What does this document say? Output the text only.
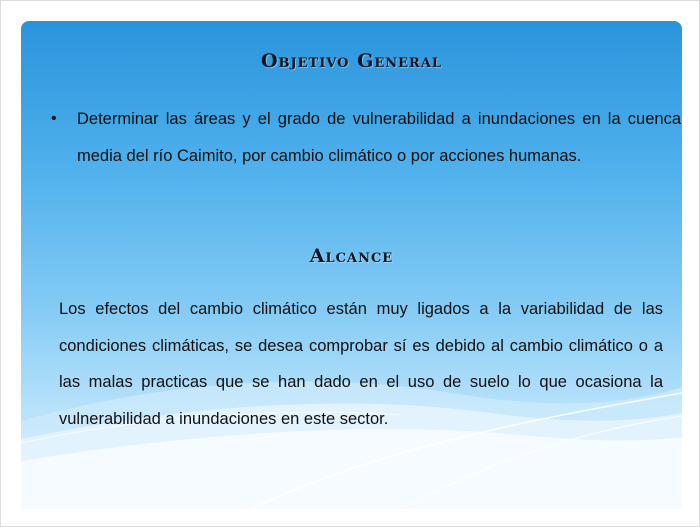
Objetivo General
• Determinar las áreas y el grado de vulnerabilidad a inundaciones en la cuenca media del río Caimito, por cambio climático o por acciones humanas.
Alcance
Los efectos del cambio climático están muy ligados a la variabilidad de las condiciones climáticas, se desea comprobar sí es debido al cambio climático o a las malas practicas que se han dado en el uso de suelo lo que ocasiona la vulnerabilidad a inundaciones en este sector.
